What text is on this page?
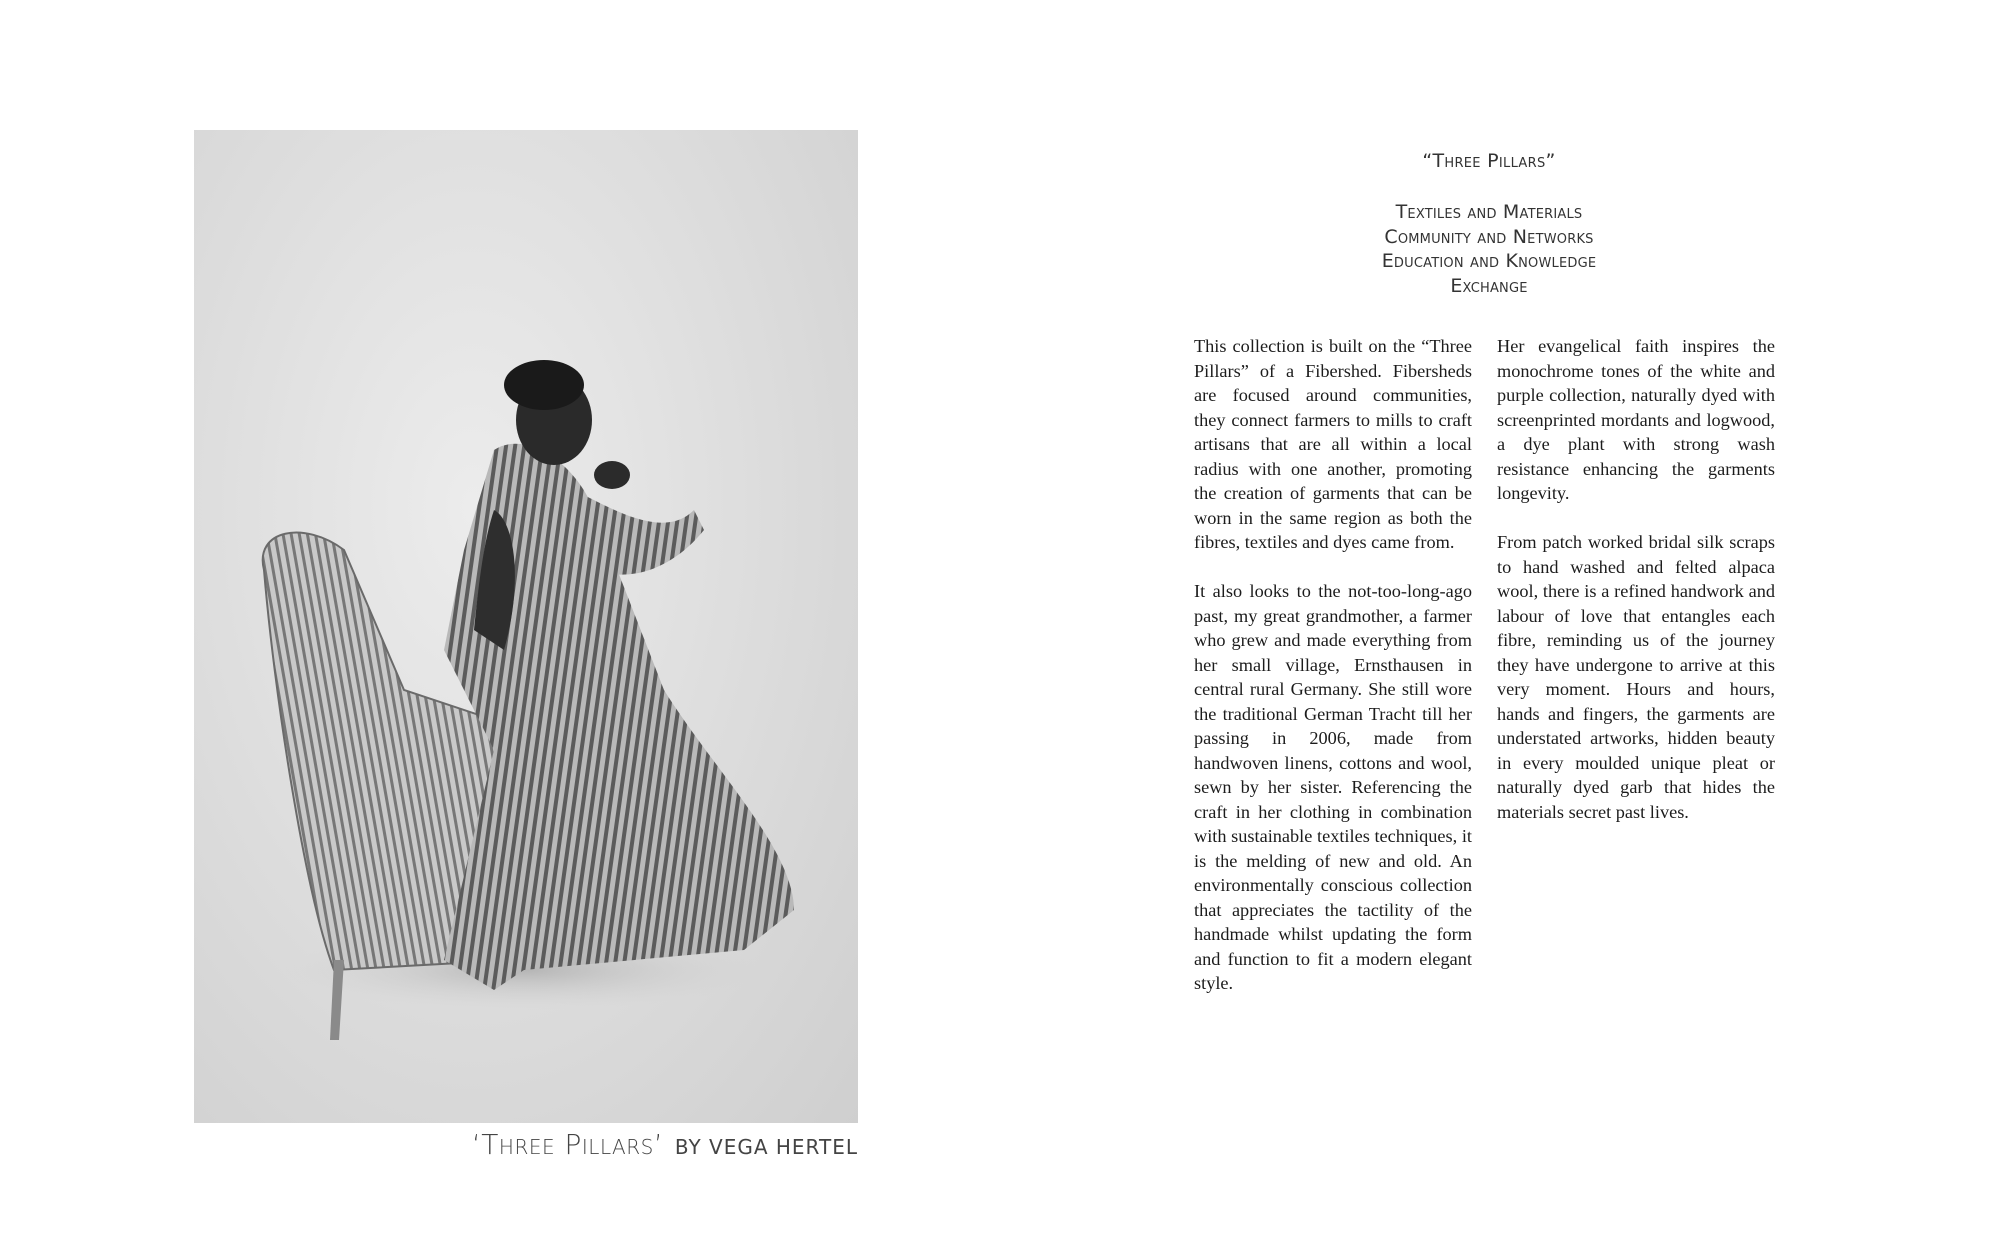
‘Three Pillars’ BY VEGA HERTEL
“Three Pillars”
Textiles and Materials
Community and Networks
Education and Knowledge
Exchange

This collection is built on the “Three Pillars” of a Fibershed. Fibersheds are focused around communities, they connect farmers to mills to craft artisans that are all within a local radius with one another, promoting the creation of garments that can be worn in the same region as both the fibres, textiles and dyes came from.

It also looks to the not-too-long-ago past, my great grandmother, a farmer who grew and made everything from her small village, Ernsthausen in central rural Germany. She still wore the traditional German Tracht till her passing in 2006, made from handwoven linens, cottons and wool, sewn by her sister. Referencing the craft in her clothing in combination with sustainable textiles techniques, it is the melding of new and old. An environmentally conscious collection that appreciates the tactility of the handmade whilst updating the form and function to fit a modern elegant style.

Her evangelical faith inspires the monochrome tones of the white and purple collection, naturally dyed with screenprinted mordants and logwood, a dye plant with strong wash resistance enhancing the garments longevity.

From patch worked bridal silk scraps to hand washed and felted alpaca wool, there is a refined handwork and labour of love that entangles each fibre, reminding us of the journey they have undergone to arrive at this very moment. Hours and hours, hands and fingers, the garments are understated artworks, hidden beauty in every moulded unique pleat or naturally dyed garb that hides the materials secret past lives.
